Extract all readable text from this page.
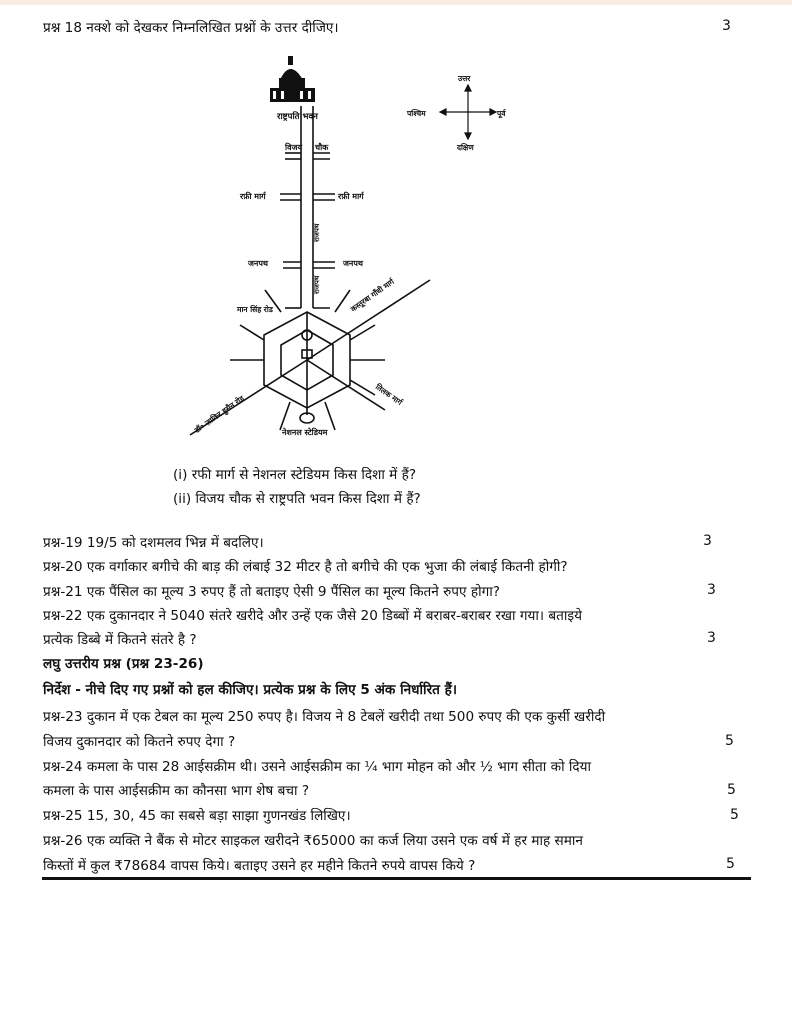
प्रश्न 18 नक्शे को देखकर निम्नलिखित प्रश्नों के उत्तर दीजिए।	3
राष्ट्रपति भवन
विजय चौक
रफ़ी मार्ग	रफ़ी मार्ग
राजपथ
राजपथ
जनपथ	जनपथ
मान सिंह रोड	कस्तूरबा गाँधी मार्ग
डॉ० ज़ाकिर हुसैन रोड	तिलक मार्ग
नेशनल स्टेडियम
उत्तर
दक्षिण
पूर्व
पश्चिम
(i) रफी मार्ग से नेशनल स्टेडियम किस दिशा में हैं?
(ii) विजय चौक से राष्ट्रपति भवन किस दिशा में हैं?
प्रश्न-19 19/5 को दशमलव भिन्न में बदलिए।	3
प्रश्न-20 एक वर्गाकार बगीचे की बाड़ की लंबाई 32 मीटर है तो बगीचे की एक भुजा की लंबाई कितनी होगी?
प्रश्न-21 एक पैंसिल का मूल्य 3 रुपए हैं तो बताइए ऐसी 9 पैंसिल का मूल्य कितने रुपए होगा?	3
प्रश्न-22 एक दुकानदार ने 5040 संतरे खरीदे और उन्हें एक जैसे 20 डिब्बों में बराबर-बराबर रखा गया। बताइये
प्रत्येक डिब्बे में कितने संतरे है ?	3
लघु उत्तरीय प्रश्न (प्रश्न 23-26)
निर्देश - नीचे दिए गए प्रश्नों को हल कीजिए। प्रत्येक प्रश्न के लिए 5 अंक निर्धारित हैं।
प्रश्न-23 दुकान में एक टेबल का मूल्य 250 रुपए है। विजय ने 8 टेबलें खरीदी तथा 500 रुपए की एक कुर्सी खरीदी
विजय दुकानदार को कितने रुपए देगा ?	5
प्रश्न-24 कमला के पास 28 आईसक्रीम थी। उसने आईसक्रीम का ¼ भाग मोहन को और ½ भाग सीता को दिया
कमला के पास आईसक्रीम का कौनसा भाग शेष बचा ?	5
प्रश्न-25 15, 30, 45 का सबसे बड़ा साझा गुणनखंड लिखिए।	5
प्रश्न-26 एक व्यक्ति ने बैंक से मोटर साइकल खरीदने ₹65000 का कर्ज लिया उसने एक वर्ष में हर माह समान
किस्तों में कुल ₹78684 वापस किये। बताइए उसने हर महीने कितने रुपये वापस किये ?	5
